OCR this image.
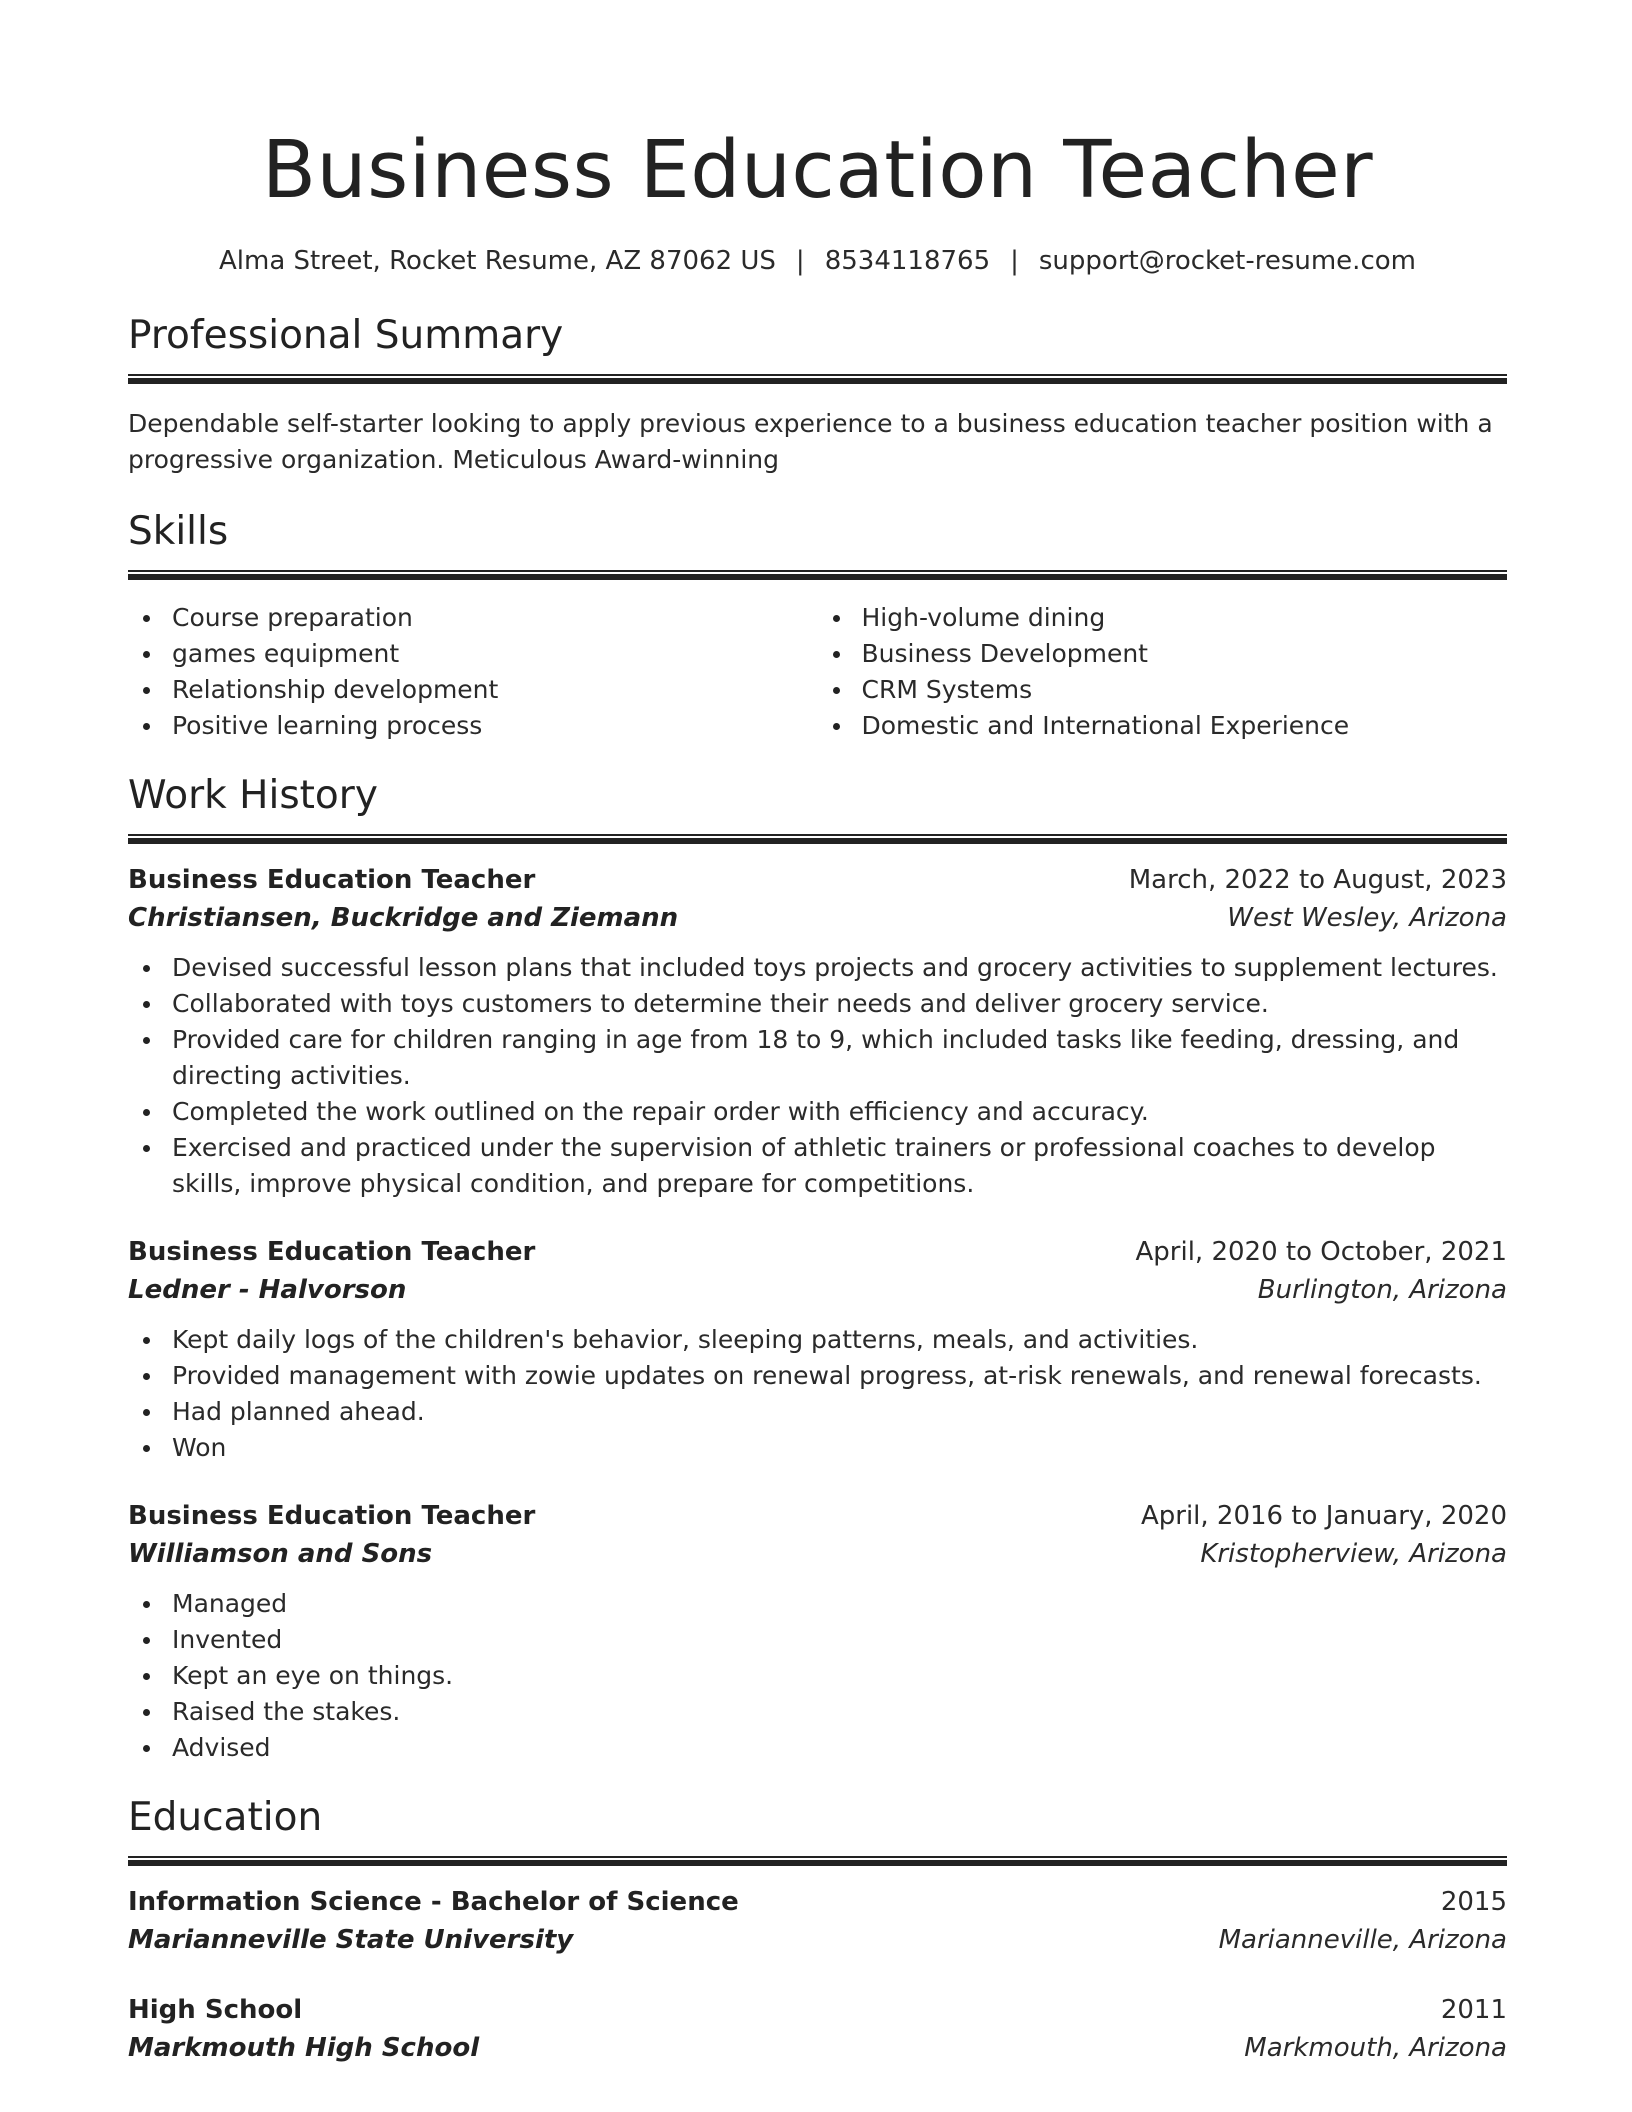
Business Education Teacher
Alma Street, Rocket Resume, AZ 87062 US | 8534118765 | support@rocket-resume.com
Professional Summary

Dependable self-starter looking to apply previous experience to a business education teacher position with a progressive organization. Meticulous Award-winning

Skills
Course preparation
games equipment
Relationship development
Positive learning process
High-volume dining
Business Development
CRM Systems
Domestic and International Experience
Work History
Business Education Teacher	March, 2022 to August, 2023
Christiansen, Buckridge and Ziemann	West Wesley, Arizona
Devised successful lesson plans that included toys projects and grocery activities to supplement lectures.
Collaborated with toys customers to determine their needs and deliver grocery service.
Provided care for children ranging in age from 18 to 9, which included tasks like feeding, dressing, and directing activities.
Completed the work outlined on the repair order with efficiency and accuracy.
Exercised and practiced under the supervision of athletic trainers or professional coaches to develop skills, improve physical condition, and prepare for competitions.
Business Education Teacher	April, 2020 to October, 2021
Ledner - Halvorson	Burlington, Arizona
Kept daily logs of the children's behavior, sleeping patterns, meals, and activities.
Provided management with zowie updates on renewal progress, at-risk renewals, and renewal forecasts.
Had planned ahead.
Won
Business Education Teacher	April, 2016 to January, 2020
Williamson and Sons	Kristopherview, Arizona
Managed
Invented
Kept an eye on things.
Raised the stakes.
Advised
Education
Information Science - Bachelor of Science	2015
Marianneville State University	Marianneville, Arizona
High School	2011
Markmouth High School	Markmouth, Arizona
